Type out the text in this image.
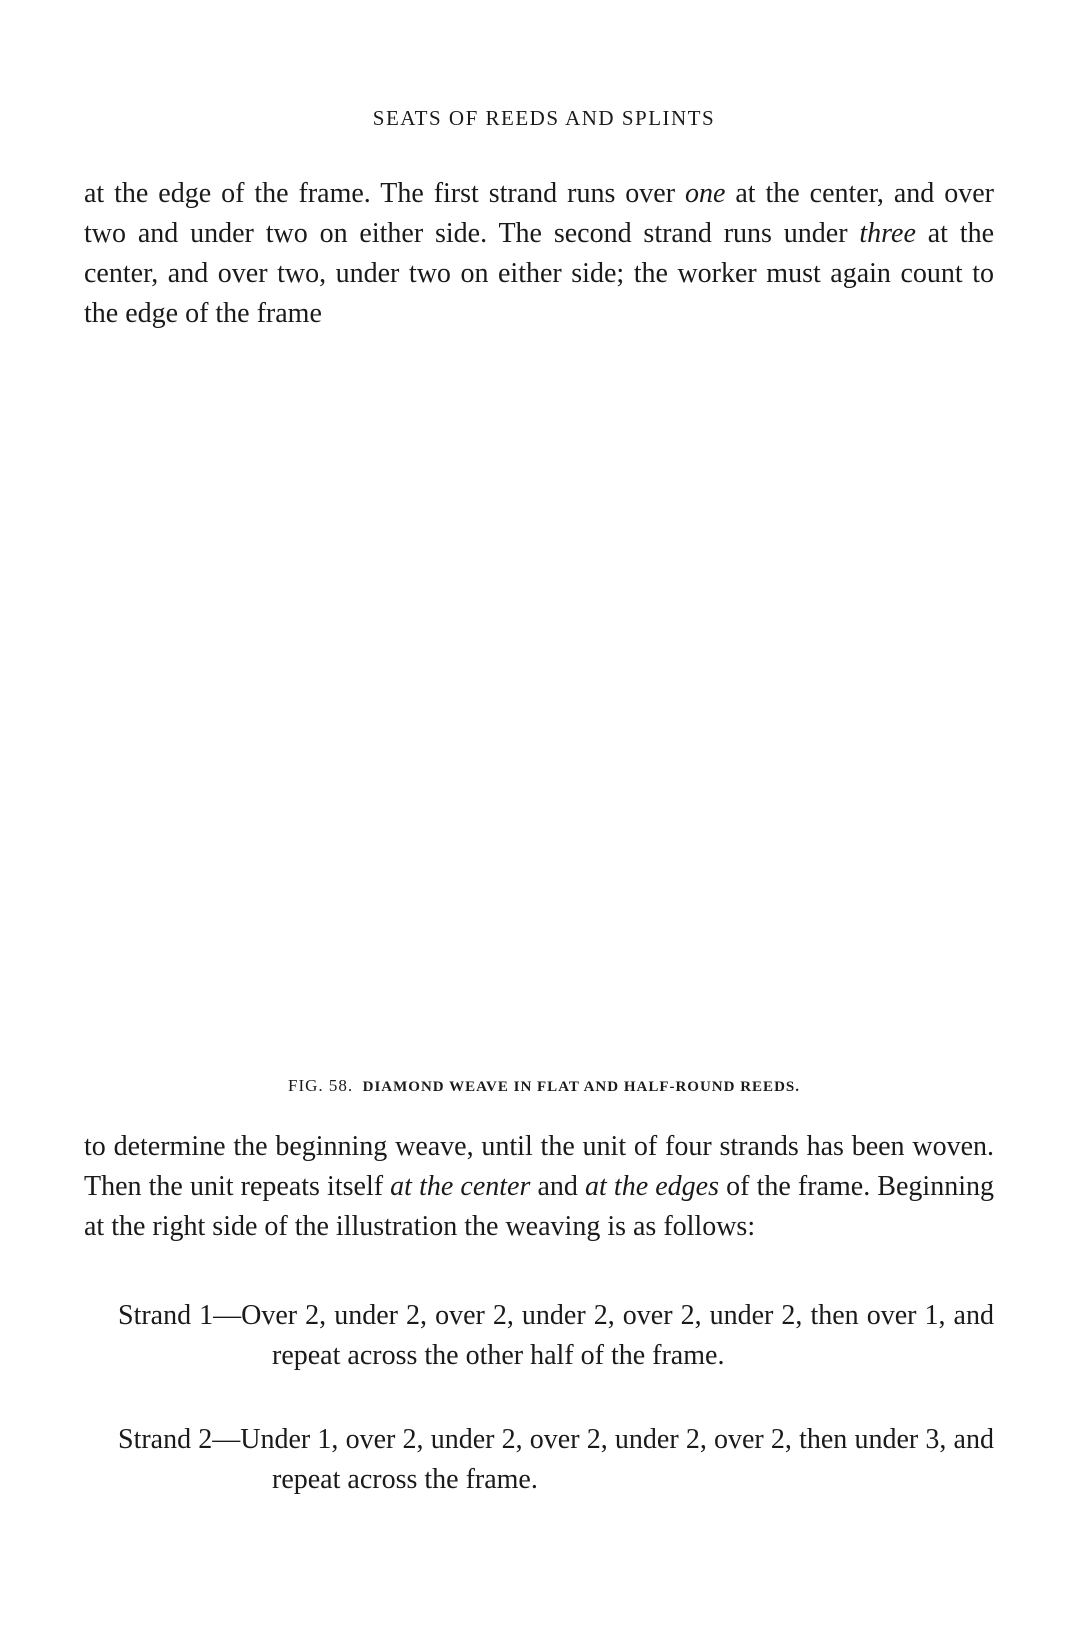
SEATS OF REEDS AND SPLINTS
at the edge of the frame. The first strand runs over one at the center, and over two and under two on either side. The second strand runs under three at the center, and over two, under two on either side; the worker must again count to the edge of the frame
FIG. 58. DIAMOND WEAVE IN FLAT AND HALF-ROUND REEDS.
to determine the beginning weave, until the unit of four strands has been woven. Then the unit repeats itself at the center and at the edges of the frame. Beginning at the right side of the illustration the weaving is as follows:
Strand 1—Over 2, under 2, over 2, under 2, over 2, under 2, then over 1, and repeat across the other half of the frame.
Strand 2—Under 1, over 2, under 2, over 2, under 2, over 2, then under 3, and repeat across the frame.
